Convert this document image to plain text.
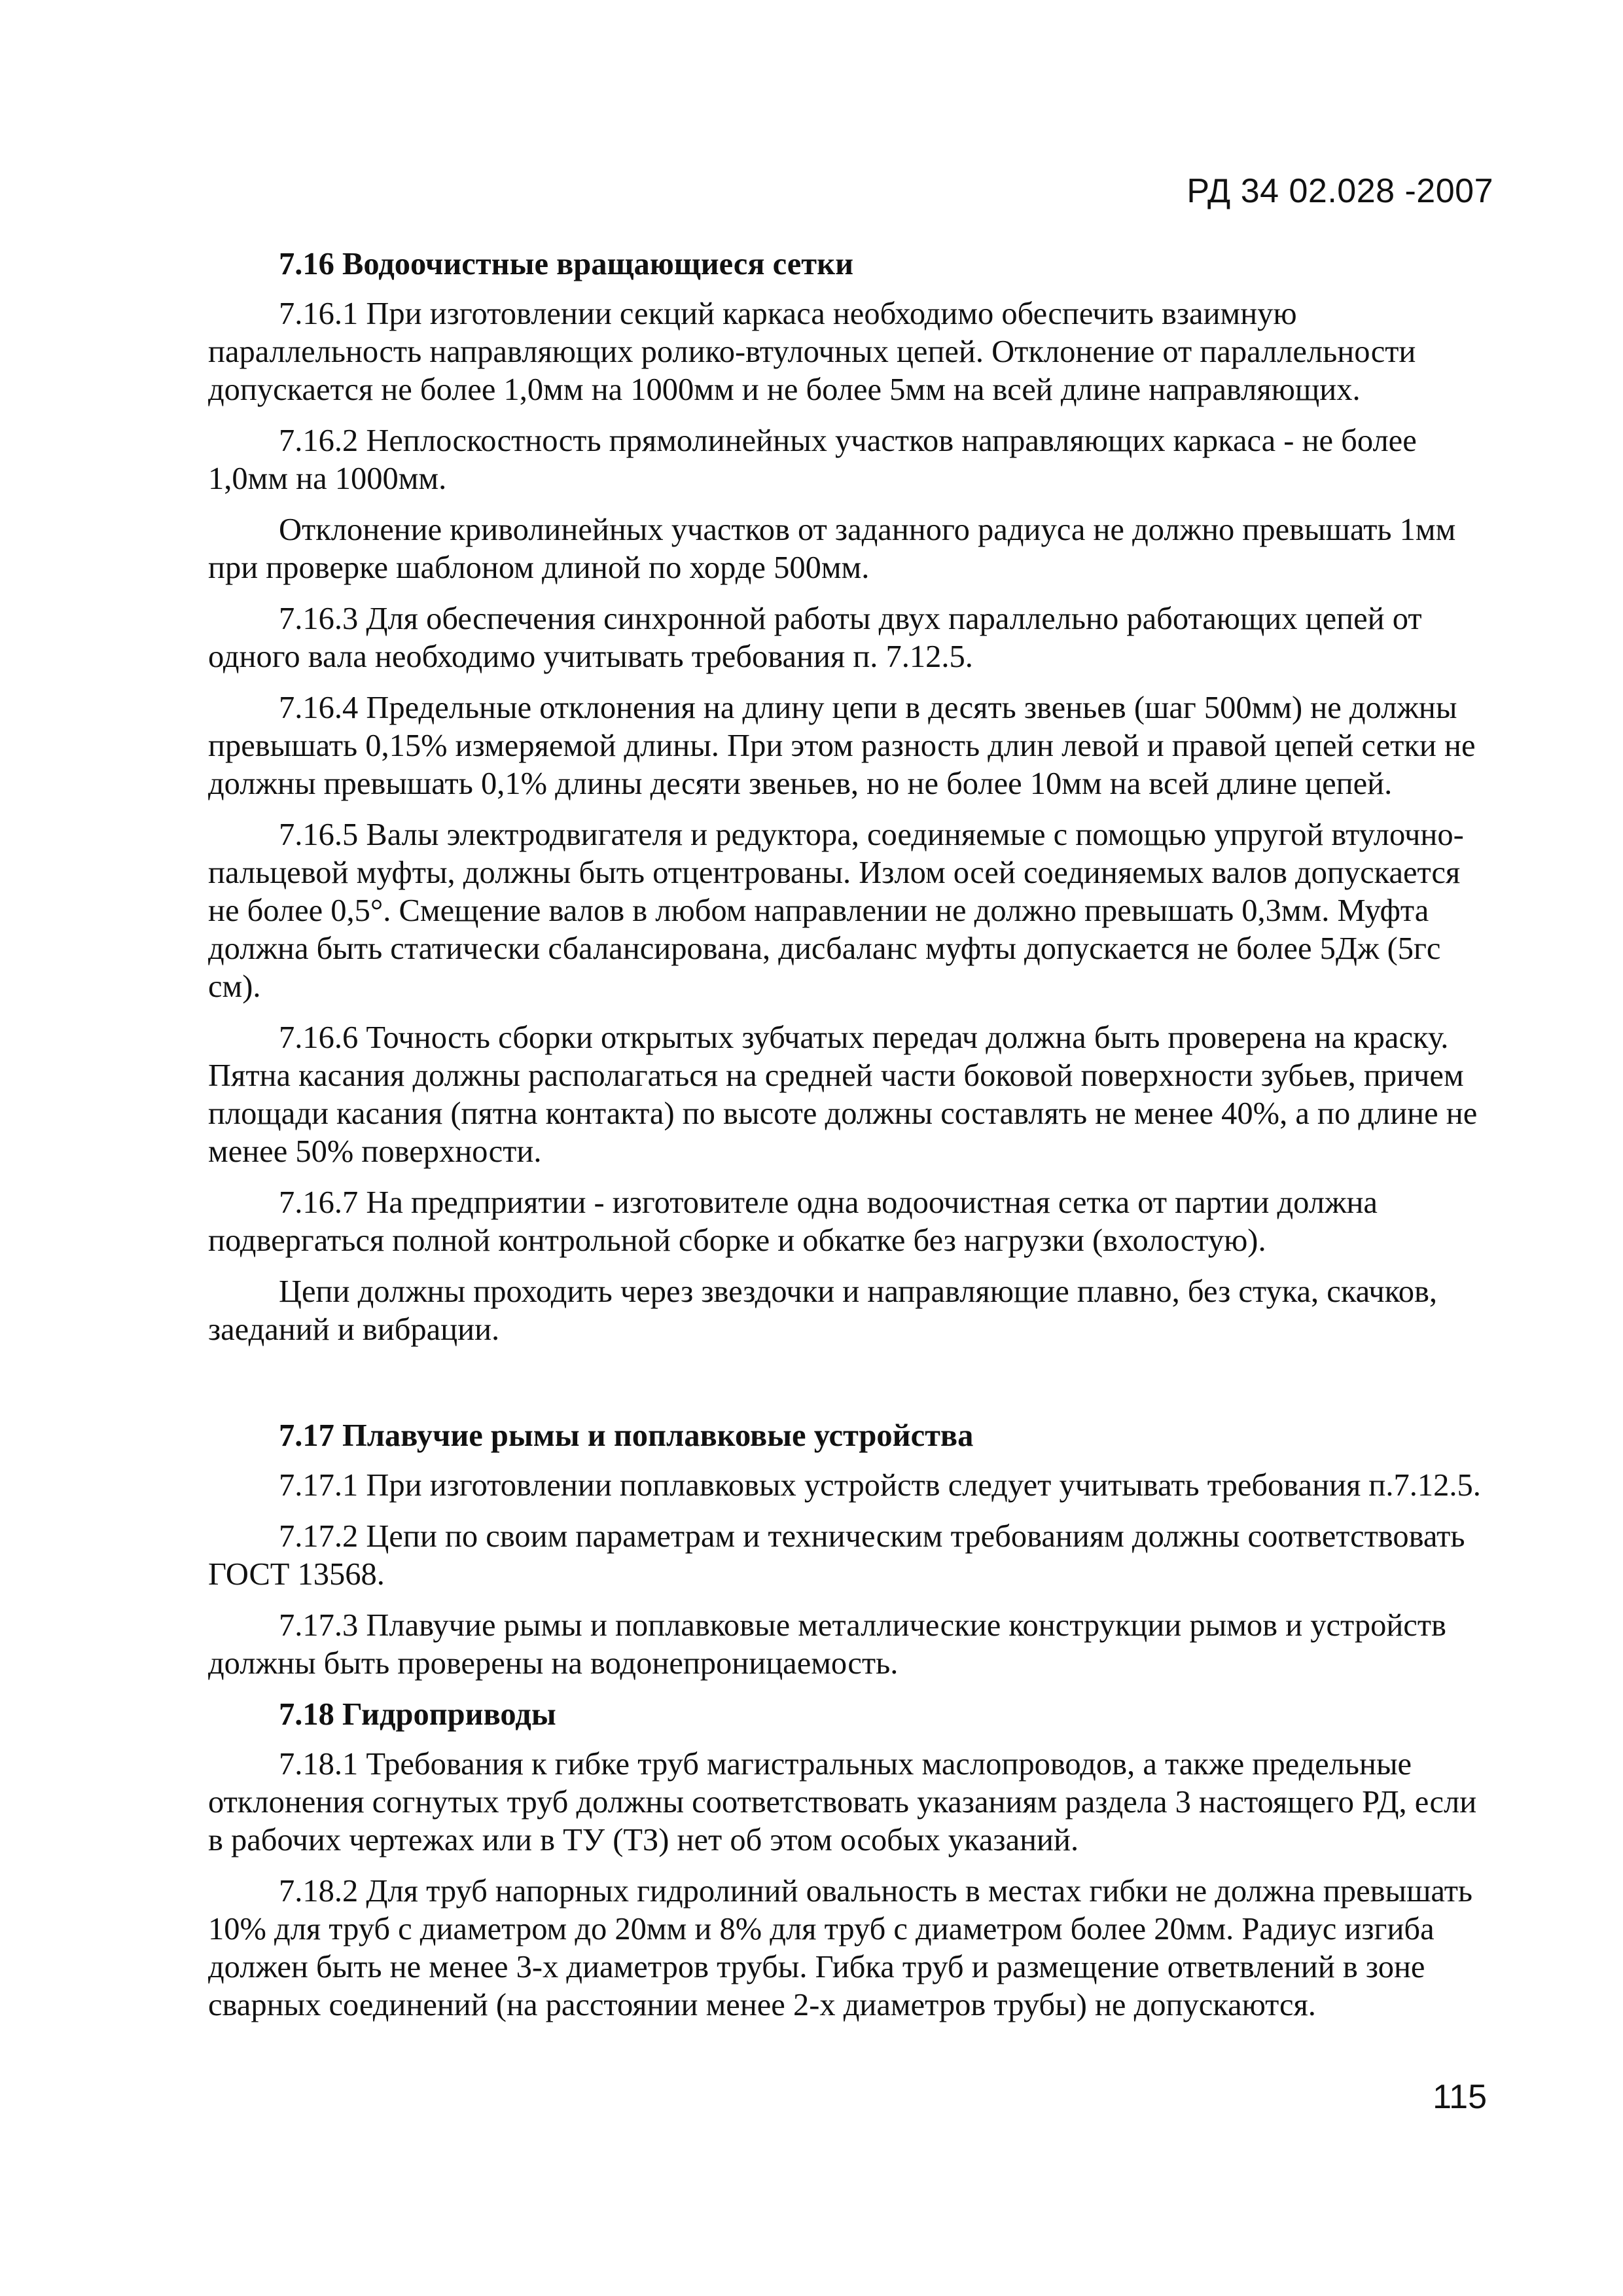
РД 34 02.028 -2007
7.16 Водоочистные вращающиеся сетки

7.16.1 При изготовлении секций каркаса необходимо обеспечить взаимную параллельность направляющих ролико-втулочных цепей. Отклонение от параллельности допускается не более 1,0мм на 1000мм и не более 5мм на всей длине направляющих.

7.16.2 Неплоскостность прямолинейных участков направляющих каркаса - не более 1,0мм на 1000мм.

Отклонение криволинейных участков от заданного радиуса не должно превышать 1мм при проверке шаблоном длиной по хорде 500мм.

7.16.3 Для обеспечения синхронной работы двух параллельно работающих цепей от одного вала необходимо учитывать требования п. 7.12.5.

7.16.4 Предельные отклонения на длину цепи в десять звеньев (шаг 500мм) не должны превышать 0,15% измеряемой длины. При этом разность длин левой и правой цепей сетки не должны превышать 0,1% длины десяти звеньев, но не более 10мм на всей длине цепей.

7.16.5 Валы электродвигателя и редуктора, соединяемые с помощью упругой втулочно-пальцевой муфты, должны быть отцентрованы. Излом осей соединяемых валов допускается не более 0,5°. Смещение валов в любом направлении не должно превышать 0,3мм. Муфта должна быть статически сбалансирована, дисбаланс муфты допускается не более 5Дж (5гс см).

7.16.6 Точность сборки открытых зубчатых передач должна быть проверена на краску. Пятна касания должны располагаться на средней части боковой поверхности зубьев, причем площади касания (пятна контакта) по высоте должны составлять не менее 40%, а по длине не менее 50% поверхности.

7.16.7 На предприятии - изготовителе одна водоочистная сетка от партии должна подвергаться полной контрольной сборке и обкатке без нагрузки (вхолостую).

Цепи должны проходить через звездочки и направляющие плавно, без стука, скачков, заеданий и вибрации.

7.17 Плавучие рымы и поплавковые устройства

7.17.1 При изготовлении поплавковых устройств следует учитывать требования п.7.12.5.

7.17.2 Цепи по своим параметрам и техническим требованиям должны соответствовать ГОСТ 13568.

7.17.3 Плавучие рымы и поплавковые металлические конструкции рымов и устройств должны быть проверены на водонепроницаемость.

7.18 Гидроприводы

7.18.1 Требования к гибке труб магистральных маслопроводов, а также предельные отклонения согнутых труб должны соответствовать указаниям раздела 3 настоящего РД, если в рабочих чертежах или в ТУ (ТЗ) нет об этом особых указаний.

7.18.2 Для труб напорных гидролиний овальность в местах гибки не должна превышать 10% для труб с диаметром до 20мм и 8% для труб с диаметром более 20мм. Радиус изгиба должен быть не менее 3-х диаметров трубы. Гибка труб и размещение ответвлений в зоне сварных соединений (на расстоянии менее 2-х диаметров трубы) не допускаются.

115
